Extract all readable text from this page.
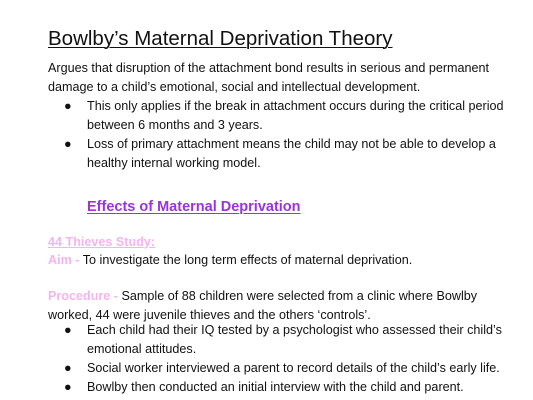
Bowlby’s Maternal Deprivation Theory
Argues that disruption of the attachment bond results in serious and permanent damage to a child’s emotional, social and intellectual development.
● This only applies if the break in attachment occurs during the critical period between 6 months and 3 years.
● Loss of primary attachment means the child may not be able to develop a healthy internal working model.
Effects of Maternal Deprivation
44 Thieves Study:
Aim - To investigate the long term effects of maternal deprivation.
Procedure - Sample of 88 children were selected from a clinic where Bowlby worked, 44 were juvenile thieves and the others ‘controls’.
● Each child had their IQ tested by a psychologist who assessed their child’s emotional attitudes.
● Social worker interviewed a parent to record details of the child’s early life.
● Bowlby then conducted an initial interview with the child and parent.
